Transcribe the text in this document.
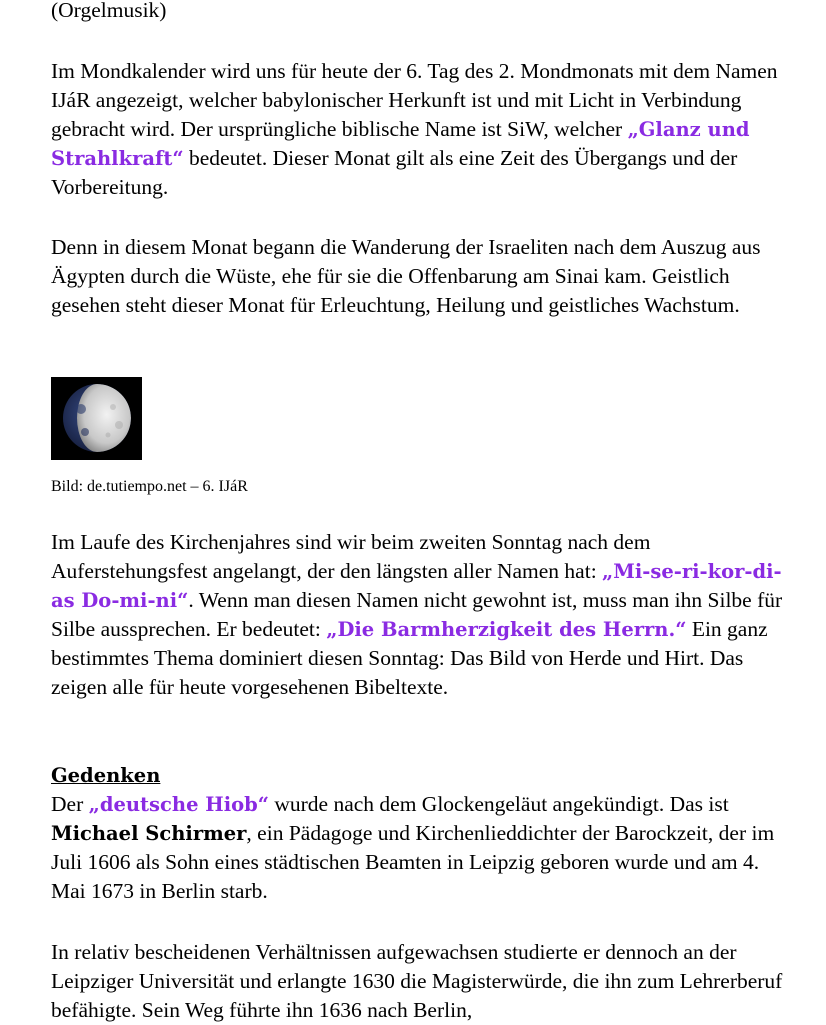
(Orgelmusik)

Im Mondkalender wird uns für heute der 6. Tag des 2. Mondmonats mit dem Namen IJáR angezeigt, welcher babylonischer Herkunft ist und mit Licht in Verbindung gebracht wird. Der ursprüngliche biblische Name ist SiW, welcher „Glanz und Strahlkraft“ bedeutet. Dieser Monat gilt als eine Zeit des Übergangs und der Vorbereitung.

Denn in diesem Monat begann die Wanderung der Israeliten nach dem Auszug aus Ägypten durch die Wüste, ehe für sie die Offenbarung am Sinai kam. Geistlich gesehen steht dieser Monat für Erleuchtung, Heilung und geistliches Wachstum.

Bild: de.tutiempo.net – 6. IJáR

Im Laufe des Kirchenjahres sind wir beim zweiten Sonntag nach dem Auferstehungsfest angelangt, der den längsten aller Namen hat: „Mi-se-ri-kor-di-as Do-mi-ni“. Wenn man diesen Namen nicht gewohnt ist, muss man ihn Silbe für Silbe aussprechen. Er bedeutet: „Die Barmherzigkeit des Herrn.“ Ein ganz bestimmtes Thema dominiert diesen Sonntag: Das Bild von Herde und Hirt. Das zeigen alle für heute vorgesehenen Bibeltexte.

Gedenken

Der „deutsche Hiob“ wurde nach dem Glockengeläut angekündigt. Das ist Michael Schirmer, ein Pädagoge und Kirchenlieddichter der Barockzeit, der im Juli 1606 als Sohn eines städtischen Beamten in Leipzig geboren wurde und am 4. Mai 1673 in Berlin starb.

In relativ bescheidenen Verhältnissen aufgewachsen studierte er dennoch an der Leipziger Universität und erlangte 1630 die Magisterwürde, die ihn zum Lehrerberuf befähigte. Sein Weg führte ihn 1636 nach Berlin,
